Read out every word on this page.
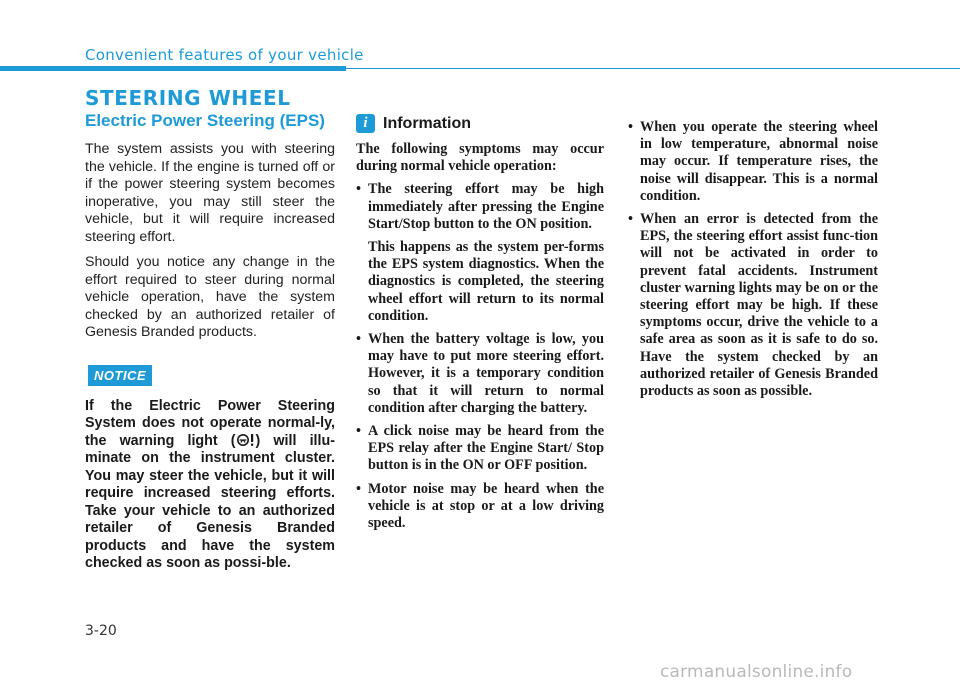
Convenient features of your vehicle
STEERING WHEEL
Electric Power Steering (EPS)

The system assists you with steering the vehicle. If the engine is turned off or if the power steering system becomes inoperative, you may still steer the vehicle, but it will require increased steering effort.

Should you notice any change in the effort required to steer during normal vehicle operation, have the system checked by an authorized retailer of Genesis Branded products.

NOTICE

If the Electric Power Steering System does not operate normal-ly, the warning light ( ) will illu-minate on the instrument cluster. You may steer the vehicle, but it will require increased steering efforts. Take your vehicle to an authorized retailer of Genesis Branded products and have the system checked as soon as possi-ble.

i Information

The following symptoms may occur during normal vehicle operation:

• The steering effort may be high immediately after pressing the Engine Start/Stop button to the ON position.
This happens as the system per-forms the EPS system diagnostics. When the diagnostics is completed, the steering wheel effort will return to its normal condition.
• When the battery voltage is low, you may have to put more steering effort. However, it is a temporary condition so that it will return to normal condition after charging the battery.
• A click noise may be heard from the EPS relay after the Engine Start/ Stop button is in the ON or OFF position.
• Motor noise may be heard when the vehicle is at stop or at a low driving speed.
• When you operate the steering wheel in low temperature, abnormal noise may occur. If temperature rises, the noise will disappear. This is a normal condition.
• When an error is detected from the EPS, the steering effort assist func-tion will not be activated in order to prevent fatal accidents. Instrument cluster warning lights may be on or the steering effort may be high. If these symptoms occur, drive the vehicle to a safe area as soon as it is safe to do so. Have the system checked by an authorized retailer of Genesis Branded products as soon as possible.
3-20
carmanualsonline.info
